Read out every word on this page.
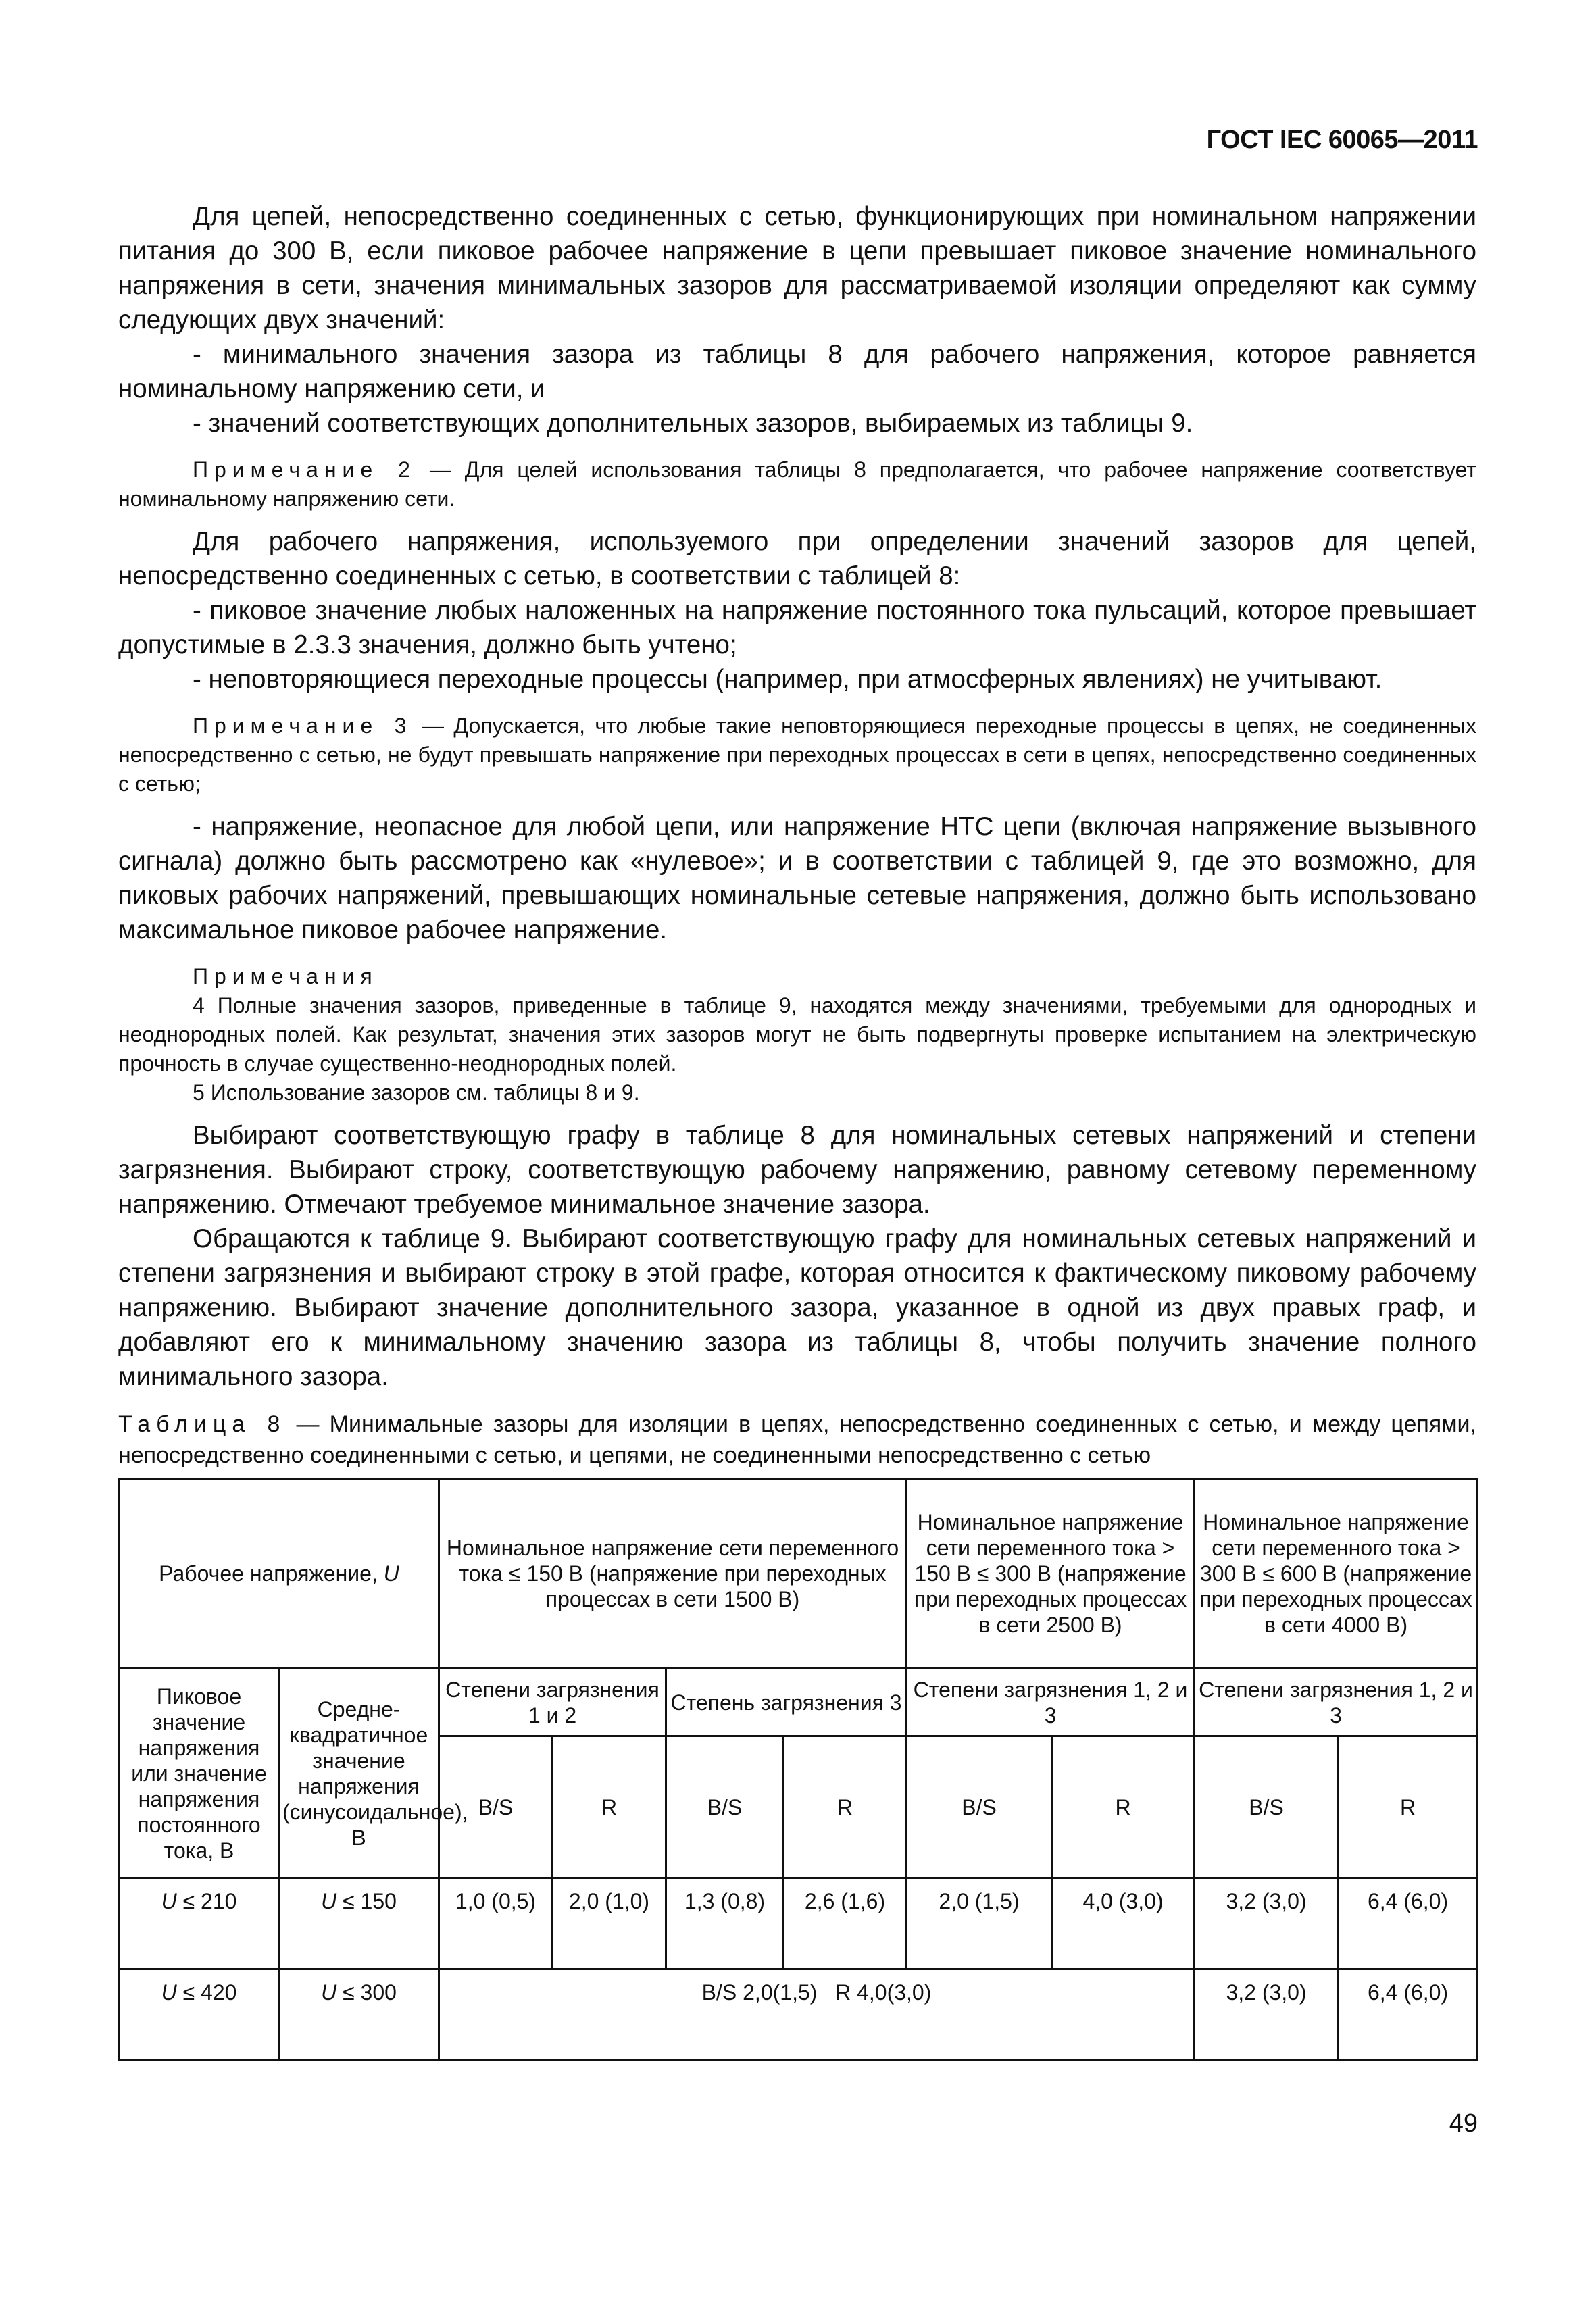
ГОСТ IEC 60065—2011

Для цепей, непосредственно соединенных с сетью, функционирующих при номинальном напряжении питания до 300 В, если пиковое рабочее напряжение в цепи превышает пиковое значение номинального напряжения в сети, значения минимальных зазоров для рассматриваемой изоляции определяют как сумму следующих двух значений:

- минимального значения зазора из таблицы 8 для рабочего напряжения, которое равняется номинальному напряжению сети, и

- значений соответствующих дополнительных зазоров, выбираемых из таблицы 9.

Примечание 2 — Для целей использования таблицы 8 предполагается, что рабочее напряжение соответствует номинальному напряжению сети.

Для рабочего напряжения, используемого при определении значений зазоров для цепей, непосредственно соединенных с сетью, в соответствии с таблицей 8:

- пиковое значение любых наложенных на напряжение постоянного тока пульсаций, которое превышает допустимые в 2.3.3 значения, должно быть учтено;

- неповторяющиеся переходные процессы (например, при атмосферных явлениях) не учитывают.

Примечание 3 — Допускается, что любые такие неповторяющиеся переходные процессы в цепях, не соединенных непосредственно с сетью, не будут превышать напряжение при переходных процессах в сети в цепях, непосредственно соединенных с сетью;

- напряжение, неопасное для любой цепи, или напряжение НТС цепи (включая напряжение вызывного сигнала) должно быть рассмотрено как «нулевое»; и в соответствии с таблицей 9, где это возможно, для пиковых рабочих напряжений, превышающих номинальные сетевые напряжения, должно быть использовано максимальное пиковое рабочее напряжение.

Примечания

4 Полные значения зазоров, приведенные в таблице 9, находятся между значениями, требуемыми для однородных и неоднородных полей. Как результат, значения этих зазоров могут не быть подвергнуты проверке испытанием на электрическую прочность в случае существенно-неоднородных полей.

5 Использование зазоров см. таблицы 8 и 9.

Выбирают соответствующую графу в таблице 8 для номинальных сетевых напряжений и степени загрязнения. Выбирают строку, соответствующую рабочему напряжению, равному сетевому переменному напряжению. Отмечают требуемое минимальное значение зазора.

Обращаются к таблице 9. Выбирают соответствующую графу для номинальных сетевых напряжений и степени загрязнения и выбирают строку в этой графе, которая относится к фактическому пиковому рабочему напряжению. Выбирают значение дополнительного зазора, указанное в одной из двух правых граф, и добавляют его к минимальному значению зазора из таблицы 8, чтобы получить значение полного минимального зазора.

Таблица 8 — Минимальные зазоры для изоляции в цепях, непосредственно соединенных с сетью, и между цепями, непосредственно соединенными с сетью, и цепями, не соединенными непосредственно с сетью

Рабочее напряжение, U		Номинальное напряжение сети переменного тока ≤ 150 В (напряжение при переходных процессах в сети 1500 В)				Номинальное напряжение сети переменного тока > 150 В ≤ 300 В (напряжение при переходных процессах в сети 2500 В)		Номинальное напряжение сети переменного тока > 300 В ≤ 600 В (напряжение при переходных процессах в сети 4000 В)	
Пиковое значение напряжения или значение напряжения постоянного тока, В	Средне-квадратичное значение напряжения (синусоидальное), В	Степени загрязнения 1 и 2		Степень загрязнения 3		Степени загрязнения 1, 2 и 3		Степени загрязнения 1, 2 и 3	
		B/S	R	B/S	R	B/S	R	B/S	R
U ≤ 210	U ≤ 150	1,0 (0,5)	2,0 (1,0)	1,3 (0,8)	2,6 (1,6)	2,0 (1,5)	4,0 (3,0)	3,2 (3,0)	6,4 (6,0)
U ≤ 420	U ≤ 300	B/S 2,0(1,5)   R 4,0(3,0)						3,2 (3,0)	6,4 (6,0)
49
